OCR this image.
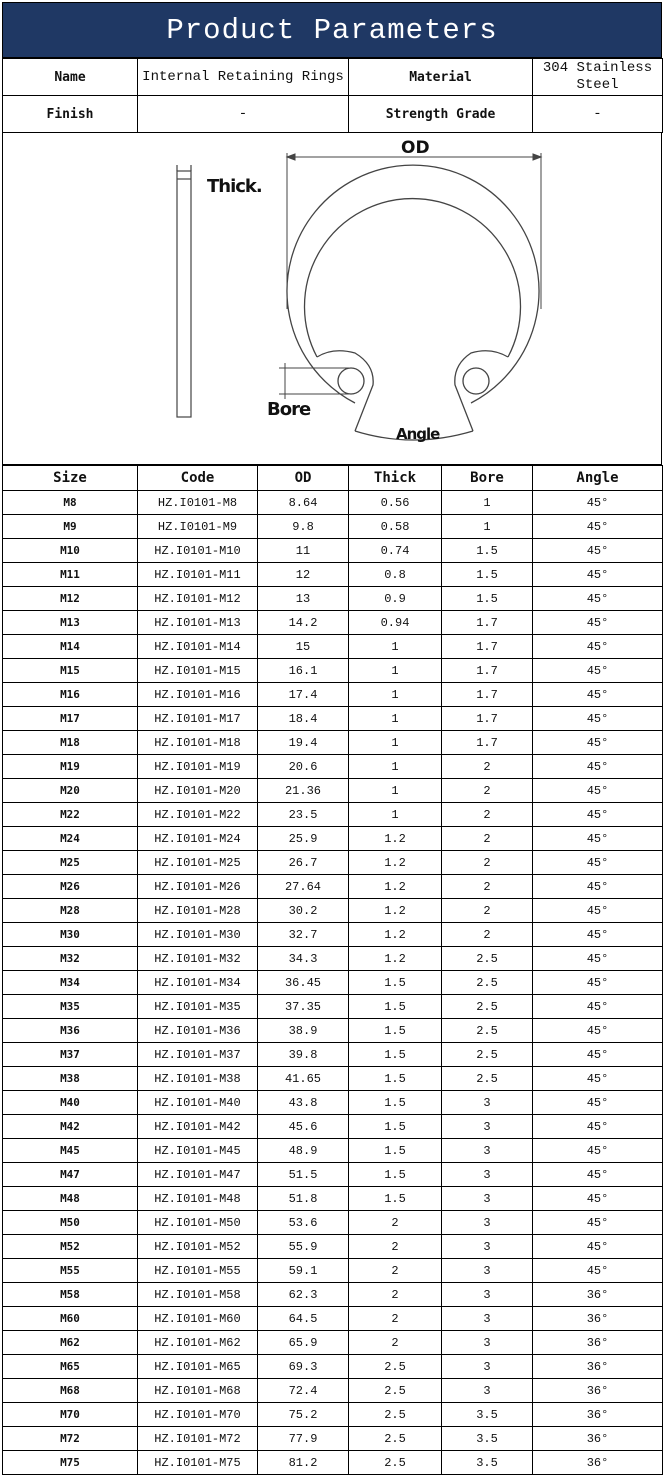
Product Parameters
Name	Internal Retaining Rings	Material	304 Stainless Steel
Finish	-	Strength Grade	-
Thick.
OD
Bore
Angle
Size	Code	OD	Thick	Bore	Angle
M8	HZ.I0101-M8	8.64	0.56	1	45°
M9	HZ.I0101-M9	9.8	0.58	1	45°
M10	HZ.I0101-M10	11	0.74	1.5	45°
M11	HZ.I0101-M11	12	0.8	1.5	45°
M12	HZ.I0101-M12	13	0.9	1.5	45°
M13	HZ.I0101-M13	14.2	0.94	1.7	45°
M14	HZ.I0101-M14	15	1	1.7	45°
M15	HZ.I0101-M15	16.1	1	1.7	45°
M16	HZ.I0101-M16	17.4	1	1.7	45°
M17	HZ.I0101-M17	18.4	1	1.7	45°
M18	HZ.I0101-M18	19.4	1	1.7	45°
M19	HZ.I0101-M19	20.6	1	2	45°
M20	HZ.I0101-M20	21.36	1	2	45°
M22	HZ.I0101-M22	23.5	1	2	45°
M24	HZ.I0101-M24	25.9	1.2	2	45°
M25	HZ.I0101-M25	26.7	1.2	2	45°
M26	HZ.I0101-M26	27.64	1.2	2	45°
M28	HZ.I0101-M28	30.2	1.2	2	45°
M30	HZ.I0101-M30	32.7	1.2	2	45°
M32	HZ.I0101-M32	34.3	1.2	2.5	45°
M34	HZ.I0101-M34	36.45	1.5	2.5	45°
M35	HZ.I0101-M35	37.35	1.5	2.5	45°
M36	HZ.I0101-M36	38.9	1.5	2.5	45°
M37	HZ.I0101-M37	39.8	1.5	2.5	45°
M38	HZ.I0101-M38	41.65	1.5	2.5	45°
M40	HZ.I0101-M40	43.8	1.5	3	45°
M42	HZ.I0101-M42	45.6	1.5	3	45°
M45	HZ.I0101-M45	48.9	1.5	3	45°
M47	HZ.I0101-M47	51.5	1.5	3	45°
M48	HZ.I0101-M48	51.8	1.5	3	45°
M50	HZ.I0101-M50	53.6	2	3	45°
M52	HZ.I0101-M52	55.9	2	3	45°
M55	HZ.I0101-M55	59.1	2	3	45°
M58	HZ.I0101-M58	62.3	2	3	36°
M60	HZ.I0101-M60	64.5	2	3	36°
M62	HZ.I0101-M62	65.9	2	3	36°
M65	HZ.I0101-M65	69.3	2.5	3	36°
M68	HZ.I0101-M68	72.4	2.5	3	36°
M70	HZ.I0101-M70	75.2	2.5	3.5	36°
M72	HZ.I0101-M72	77.9	2.5	3.5	36°
M75	HZ.I0101-M75	81.2	2.5	3.5	36°
